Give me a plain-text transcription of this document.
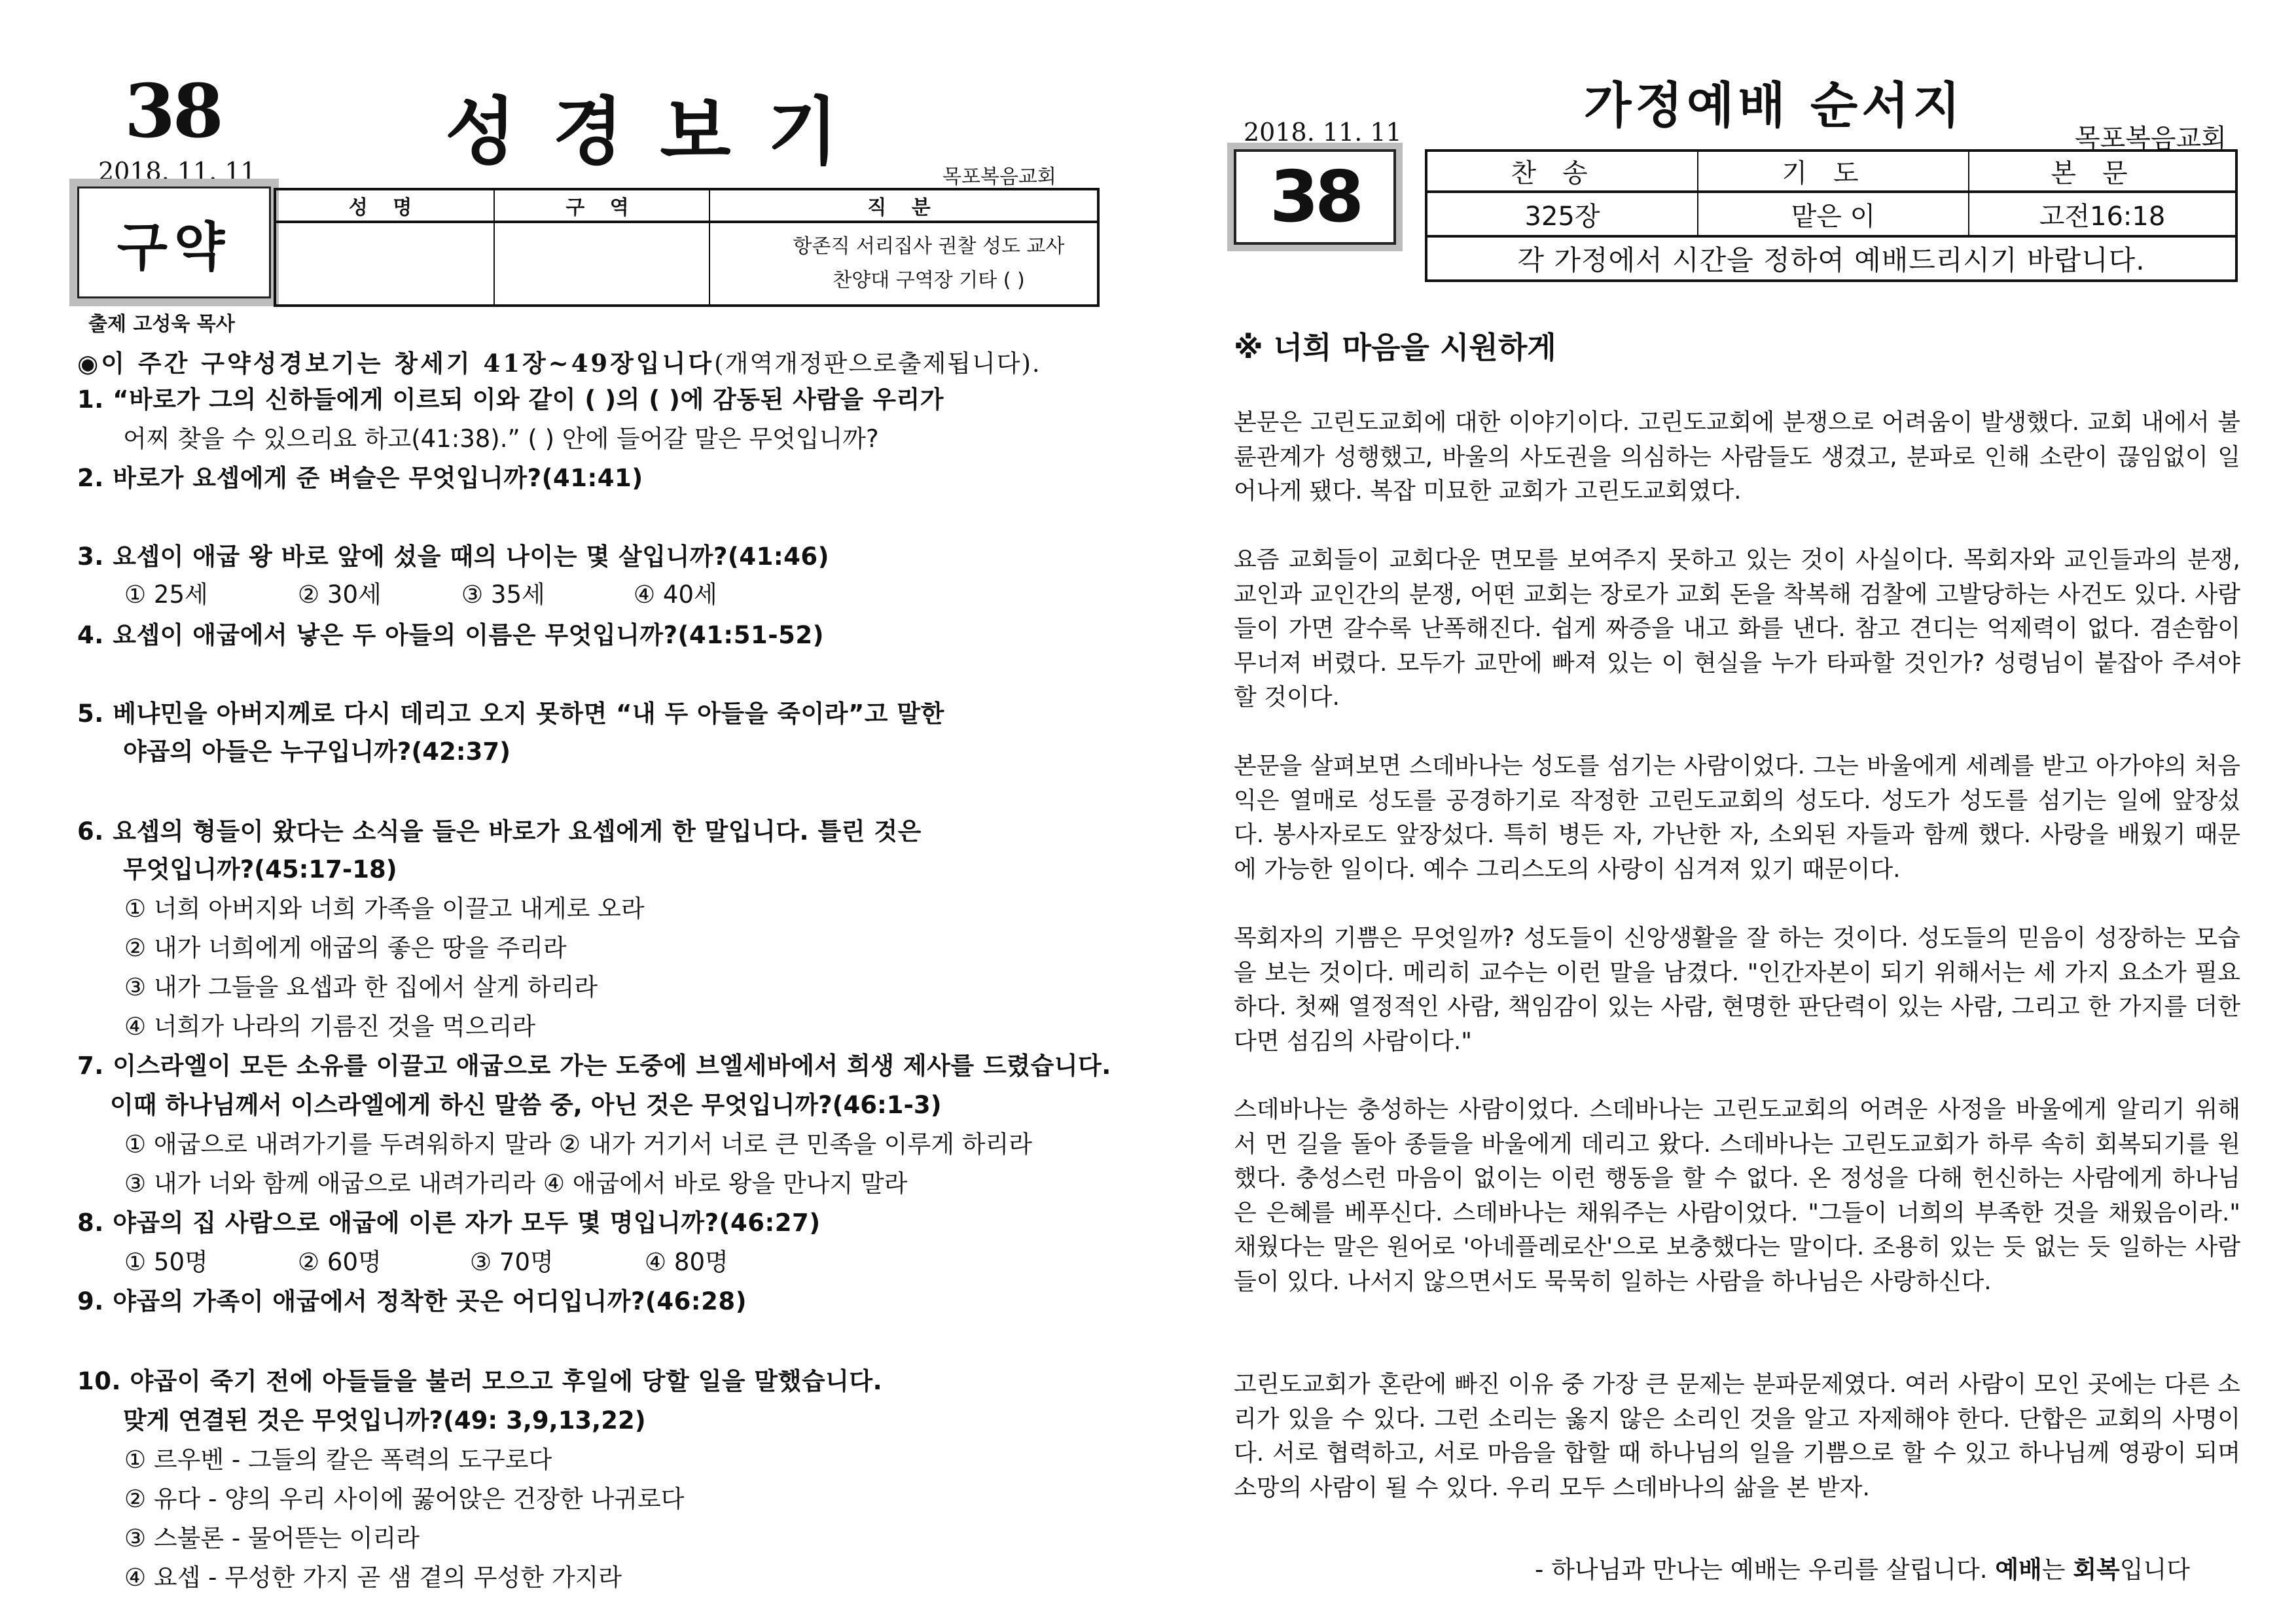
38	성경보기
2018. 11. 11	목포복음교회
구약
성 명	구 역	직 분

		항존직 서리집사 권찰 성도 교사
찬양대 구역장 기타 ( )
출제 고성욱 목사
◉이 주간 구약성경보기는 창세기 41장~49장입니다(개역개정판으로출제됩니다).
1. “바로가 그의 신하들에게 이르되 이와 같이 ( )의 ( )에 감동된 사람을 우리가
어찌 찾을 수 있으리요 하고(41:38).” ( ) 안에 들어갈 말은 무엇입니까?
2. 바로가 요셉에게 준 벼슬은 무엇입니까?(41:41)
3. 요셉이 애굽 왕 바로 앞에 섰을 때의 나이는 몇 살입니까?(41:46)
① 25세	② 30세	③ 35세	④ 40세
4. 요셉이 애굽에서 낳은 두 아들의 이름은 무엇입니까?(41:51-52)
5. 베냐민을 아버지께로 다시 데리고 오지 못하면 “내 두 아들을 죽이라”고 말한
야곱의 아들은 누구입니까?(42:37)
6. 요셉의 형들이 왔다는 소식을 들은 바로가 요셉에게 한 말입니다. 틀린 것은
무엇입니까?(45:17-18)
① 너희 아버지와 너희 가족을 이끌고 내게로 오라
② 내가 너희에게 애굽의 좋은 땅을 주리라
③ 내가 그들을 요셉과 한 집에서 살게 하리라
④ 너희가 나라의 기름진 것을 먹으리라
7. 이스라엘이 모든 소유를 이끌고 애굽으로 가는 도중에 브엘세바에서 희생 제사를 드렸습니다.
이때 하나님께서 이스라엘에게 하신 말씀 중, 아닌 것은 무엇입니까?(46:1-3)
① 애굽으로 내려가기를 두려워하지 말라 ② 내가 거기서 너로 큰 민족을 이루게 하리라
③ 내가 너와 함께 애굽으로 내려가리라 ④ 애굽에서 바로 왕을 만나지 말라
8. 야곱의 집 사람으로 애굽에 이른 자가 모두 몇 명입니까?(46:27)
① 50명	② 60명	③ 70명	④ 80명
9. 야곱의 가족이 애굽에서 정착한 곳은 어디입니까?(46:28)
10. 야곱이 죽기 전에 아들들을 불러 모으고 후일에 당할 일을 말했습니다.
맞게 연결된 것은 무엇입니까?(49: 3,9,13,22)
① 르우벤 - 그들의 칼은 폭력의 도구로다
② 유다 - 양의 우리 사이에 꿇어앉은 건장한 나귀로다
③ 스불론 - 물어뜯는 이리라
④ 요셉 - 무성한 가지 곧 샘 곁의 무성한 가지라
가정예배 순서지
2018. 11. 11	목포복음교회
38	찬송	기도	본문
325장	맡은 이	고전16:18
각 가정에서 시간을 정하여 예배드리시기 바랍니다.		
※ 너희 마음을 시원하게
본문은 고린도교회에 대한 이야기이다. 고린도교회에 분쟁으로 어려움이 발생했다. 교회 내에서 불륜관계가 성행했고, 바울의 사도권을 의심하는 사람들도 생겼고, 분파로 인해 소란이 끊임없이 일어나게 됐다. 복잡 미묘한 교회가 고린도교회였다.
요즘 교회들이 교회다운 면모를 보여주지 못하고 있는 것이 사실이다. 목회자와 교인들과의 분쟁, 교인과 교인간의 분쟁, 어떤 교회는 장로가 교회 돈을 착복해 검찰에 고발당하는 사건도 있다. 사람들이 가면 갈수록 난폭해진다. 쉽게 짜증을 내고 화를 낸다. 참고 견디는 억제력이 없다. 겸손함이 무너져 버렸다. 모두가 교만에 빠져 있는 이 현실을 누가 타파할 것인가? 성령님이 붙잡아 주셔야 할 것이다.
본문을 살펴보면 스데바나는 성도를 섬기는 사람이었다. 그는 바울에게 세례를 받고 아가야의 처음 익은 열매로 성도를 공경하기로 작정한 고린도교회의 성도다. 성도가 성도를 섬기는 일에 앞장섰다. 봉사자로도 앞장섰다. 특히 병든 자, 가난한 자, 소외된 자들과 함께 했다. 사랑을 배웠기 때문에 가능한 일이다. 예수 그리스도의 사랑이 심겨져 있기 때문이다.
목회자의 기쁨은 무엇일까? 성도들이 신앙생활을 잘 하는 것이다. 성도들의 믿음이 성장하는 모습을 보는 것이다. 메리히 교수는 이런 말을 남겼다. "인간자본이 되기 위해서는 세 가지 요소가 필요하다. 첫째 열정적인 사람, 책임감이 있는 사람, 현명한 판단력이 있는 사람, 그리고 한 가지를 더한다면 섬김의 사람이다."
스데바나는 충성하는 사람이었다. 스데바나는 고린도교회의 어려운 사정을 바울에게 알리기 위해서 먼 길을 돌아 종들을 바울에게 데리고 왔다. 스데바나는 고린도교회가 하루 속히 회복되기를 원했다. 충성스런 마음이 없이는 이런 행동을 할 수 없다. 온 정성을 다해 헌신하는 사람에게 하나님은 은혜를 베푸신다. 스데바나는 채워주는 사람이었다. "그들이 너희의 부족한 것을 채웠음이라." 채웠다는 말은 원어로 '아네플레로산'으로 보충했다는 말이다. 조용히 있는 듯 없는 듯 일하는 사람들이 있다. 나서지 않으면서도 묵묵히 일하는 사람을 하나님은 사랑하신다.
고린도교회가 혼란에 빠진 이유 중 가장 큰 문제는 분파문제였다. 여러 사람이 모인 곳에는 다른 소리가 있을 수 있다. 그런 소리는 옳지 않은 소리인 것을 알고 자제해야 한다. 단합은 교회의 사명이다. 서로 협력하고, 서로 마음을 합할 때 하나님의 일을 기쁨으로 할 수 있고 하나님께 영광이 되며 소망의 사람이 될 수 있다. 우리 모두 스데바나의 삶을 본 받자.
- 하나님과 만나는 예배는 우리를 살립니다. 예배는 회복입니다
